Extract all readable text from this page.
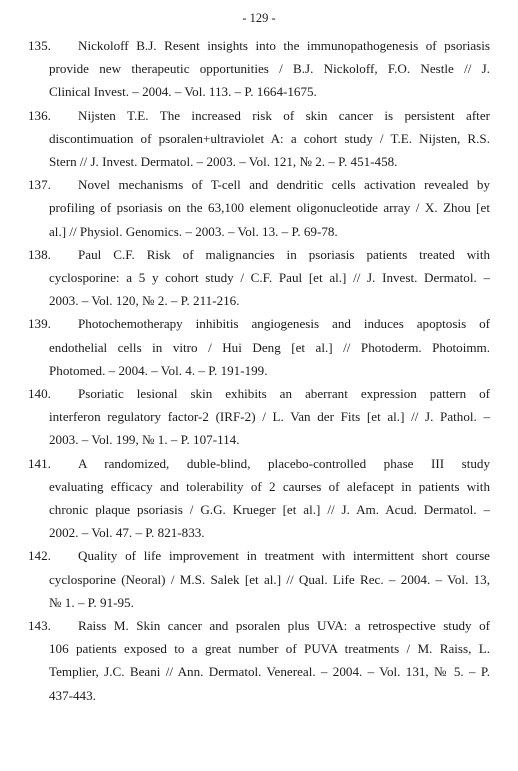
- 129 -
135. Nickoloff B.J. Resent insights into the immunopathogenesis of psoriasis
provide new therapeutic opportunities / B.J. Nickoloff, F.O. Nestle // J.
Clinical Invest. – 2004. – Vol. 113. – P. 1664-1675.
136. Nijsten T.E. The increased risk of skin cancer is persistent after
discontimuation of psoralen+ultraviolet A: a cohort study / T.E. Nijsten, R.S.
Stern // J. Invest. Dermatol. – 2003. – Vol. 121, № 2. – P. 451-458.
137. Novel mechanisms of T-cell and dendritic cells activation revealed by
profiling of psoriasis on the 63,100 element oligonucleotide array / X. Zhou [et
al.] // Physiol. Genomics. – 2003. – Vol. 13. – P. 69-78.
138. Paul C.F. Risk of malignancies in psoriasis patients treated with
cyclosporine: a 5 y cohort study / C.F. Paul [et al.] // J. Invest. Dermatol. –
2003. – Vol. 120, № 2. – P. 211-216.
139. Photochemotherapy inhibitis angiogenesis and induces apoptosis of
endothelial cells in vitro / Hui Deng [et al.] // Photoderm. Photoimm.
Photomed. – 2004. – Vol. 4. – P. 191-199.
140. Psoriatic lesional skin exhibits an aberrant expression pattern of
interferon regulatory factor-2 (IRF-2) / L. Van der Fits [et al.] // J. Pathol. –
2003. – Vol. 199, № 1. – P. 107-114.
141. A randomized, duble-blind, placebo-controlled phase III study
evaluating efficacy and tolerability of 2 caurses of alefacept in patients with
chronic plaque psoriasis / G.G. Krueger [et al.] // J. Am. Acud. Dermatol. –
2002. – Vol. 47. – P. 821-833.
142. Quality of life improvement in treatment with intermittent short course
cyclosporine (Neoral) / M.S. Salek [et al.] // Qual. Life Rec. – 2004. – Vol. 13,
№ 1. – P. 91-95.
143. Raiss M. Skin cancer and psoralen plus UVA: a retrospective study of
106 patients exposed to a great number of PUVA treatments / M. Raiss, L.
Templier, J.C. Beani // Ann. Dermatol. Venereal. – 2004. – Vol. 131, № 5. – P.
437-443.
